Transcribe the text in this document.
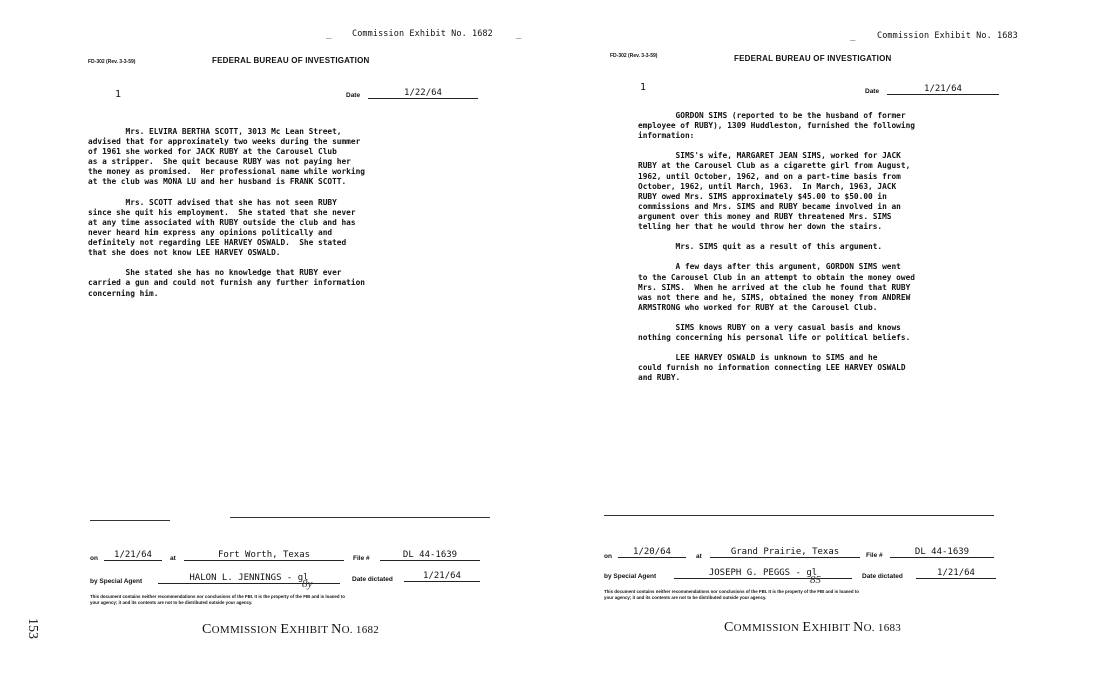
153
_ Commission Exhibit No. 1682	_
FD-302 (Rev. 3-3-59)	FEDERAL BUREAU OF INVESTIGATION
1	Date	1/22/64
Mrs. ELVIRA BERTHA SCOTT, 3013 Mc Lean Street,
advised that for approximately two weeks during the summer
of 1961 she worked for JACK RUBY at the Carousel Club
as a stripper.  She quit because RUBY was not paying her
the money as promised.  Her professional name while working
at the club was MONA LU and her husband is FRANK SCOTT.

Mrs. SCOTT advised that she has not seen RUBY
since she quit his employment.  She stated that she never
at any time associated with RUBY outside the club and has
never heard him express any opinions politically and
definitely not regarding LEE HARVEY OSWALD.  She stated
that she does not know LEE HARVEY OSWALD.

She stated she has no knowledge that RUBY ever
carried a gun and could not furnish any further information
concerning him.
on	1/21/64	at	Fort Worth, Texas	File #	DL 44-1639
by Special Agent	HALON L. JENNINGS - gl
8y	Date dictated	1/21/64
This document contains neither recommendations nor conclusions of the FBI. It is the property of the FBI and is loaned to
your agency; it and its contents are not to be distributed outside your agency.
COMMISSION EXHIBIT NO. 1682
_	Commission Exhibit No. 1683
FD-302 (Rev. 3-3-59)	FEDERAL BUREAU OF INVESTIGATION
1	Date	1/21/64
GORDON SIMS (reported to be the husband of former
employee of RUBY), 1309 Huddleston, furnished the following
information:

SIMS's wife, MARGARET JEAN SIMS, worked for JACK
RUBY at the Carousel Club as a cigarette girl from August,
1962, until October, 1962, and on a part-time basis from
October, 1962, until March, 1963.  In March, 1963, JACK
RUBY owed Mrs. SIMS approximately $45.00 to $50.00 in
commissions and Mrs. SIMS and RUBY became involved in an
argument over this money and RUBY threatened Mrs. SIMS
telling her that he would throw her down the stairs.

Mrs. SIMS quit as a result of this argument.

A few days after this argument, GORDON SIMS went
to the Carousel Club in an attempt to obtain the money owed
Mrs. SIMS.  When he arrived at the club he found that RUBY
was not there and he, SIMS, obtained the money from ANDREW
ARMSTRONG who worked for RUBY at the Carousel Club.

SIMS knows RUBY on a very casual basis and knows
nothing concerning his personal life or political beliefs.

LEE HARVEY OSWALD is unknown to SIMS and he
could furnish no information connecting LEE HARVEY OSWALD
and RUBY.
on	1/20/64	at	Grand Prairie, Texas	File #	DL 44-1639
by Special Agent	JOSEPH G. PEGGS - gl
85	Date dictated	1/21/64
This document contains neither recommendations nor conclusions of the FBI. It is the property of the FBI and is loaned to
your agency; it and its contents are not to be distributed outside your agency.
COMMISSION EXHIBIT NO. 1683
